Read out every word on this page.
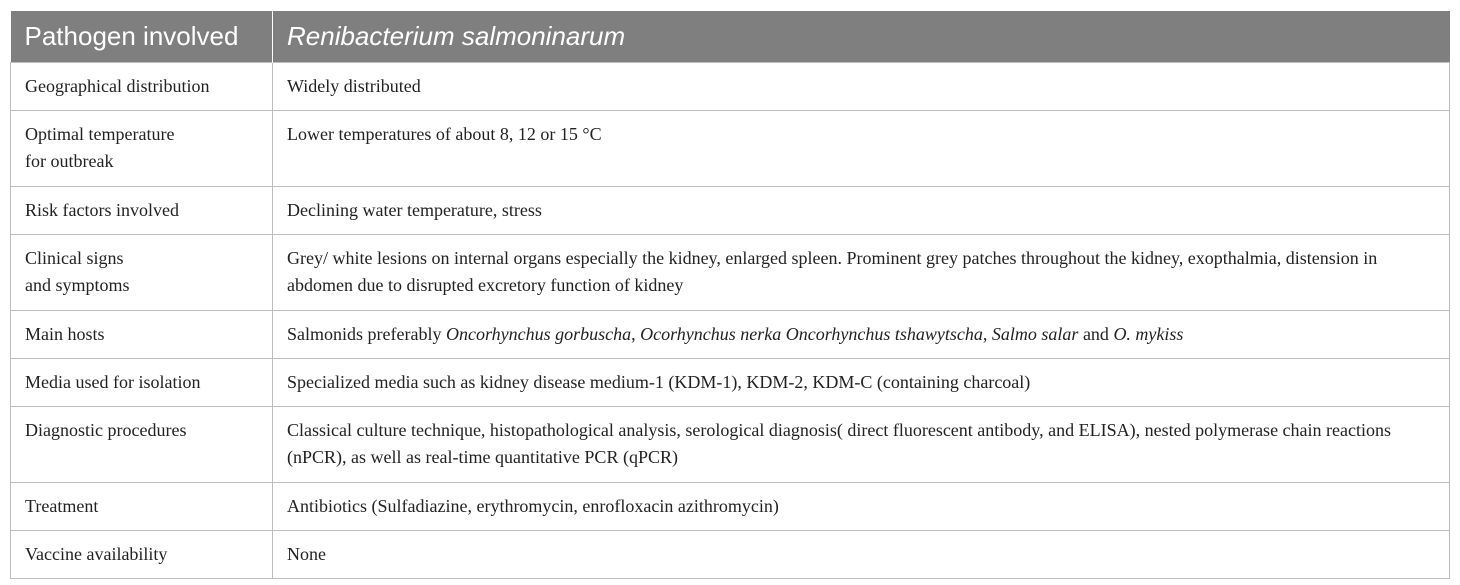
Pathogen involved	Renibacterium salmoninarum

Geographical distribution	Widely distributed

Optimal temperature
for outbreak	Lower temperatures of about 8, 12 or 15 °C

Risk factors involved	Declining water temperature, stress

Clinical signs
and symptoms	Grey/ white lesions on internal organs especially the kidney, enlarged spleen. Prominent grey patches throughout the kidney, exopthalmia, distension in abdomen due to disrupted excretory function of kidney

Main hosts	Salmonids preferably Oncorhynchus gorbuscha, Ocorhynchus nerka Oncorhynchus tshawytscha, Salmo salar and O. mykiss

Media used for isolation	Specialized media such as kidney disease medium-1 (KDM-1), KDM-2, KDM-C (containing charcoal)

Diagnostic procedures	Classical culture technique, histopathological analysis, serological diagnosis( direct fluorescent antibody, and ELISA), nested polymerase chain reactions (nPCR), as well as real-time quantitative PCR (qPCR)

Treatment	Antibiotics (Sulfadiazine, erythromycin, enrofloxacin azithromycin)

Vaccine availability	None
